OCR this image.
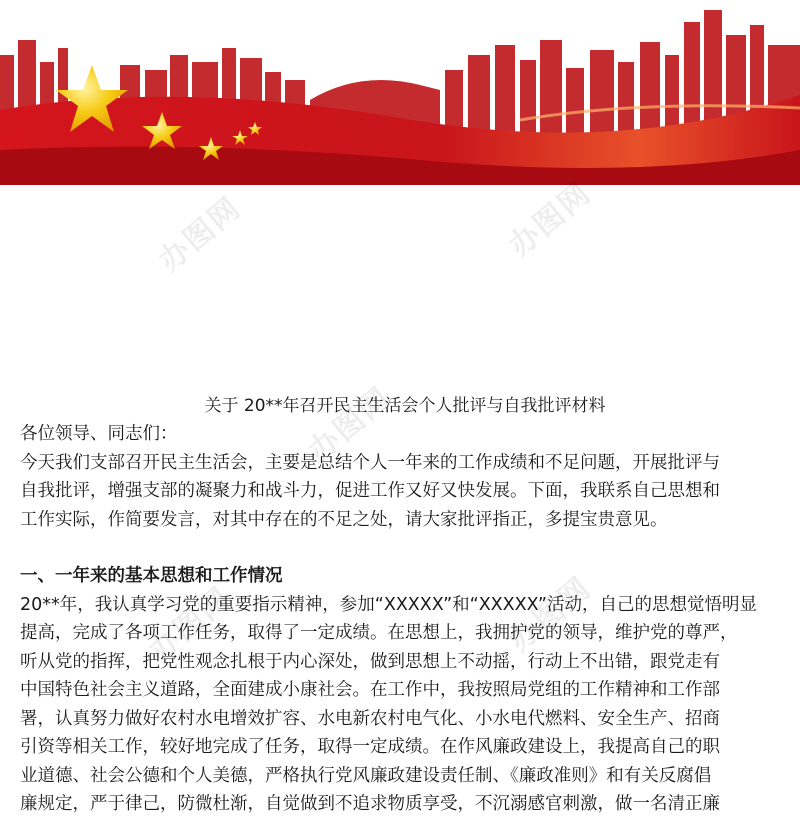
办图网	办图网
办图网
办图网	办图网
关于 20**年召开民主生活会个人批评与自我批评材料

各位领导、同志们：

今天我们支部召开民主生活会，主要是总结个人一年来的工作成绩和不足问题，开展批评与

自我批评，增强支部的凝聚力和战斗力，促进工作又好又快发展。下面，我联系自己思想和

工作实际，作简要发言，对其中存在的不足之处，请大家批评指正，多提宝贵意见。

一、一年来的基本思想和工作情况

20**年，我认真学习党的重要指示精神，参加“XXXXX”和“XXXXX”活动，自己的思想觉悟明显

提高，完成了各项工作任务，取得了一定成绩。在思想上，我拥护党的领导，维护党的尊严，

听从党的指挥，把党性观念扎根于内心深处，做到思想上不动摇，行动上不出错，跟党走有

中国特色社会主义道路，全面建成小康社会。在工作中，我按照局党组的工作精神和工作部

署，认真努力做好农村水电增效扩容、水电新农村电气化、小水电代燃料、安全生产、招商

引资等相关工作，较好地完成了任务，取得一定成绩。在作风廉政建设上，我提高自己的职

业道德、社会公德和个人美德，严格执行党风廉政建设责任制、《廉政准则》和有关反腐倡

廉规定，严于律己，防微杜渐，自觉做到不追求物质享受，不沉溺感官刺激，做一名清正廉
